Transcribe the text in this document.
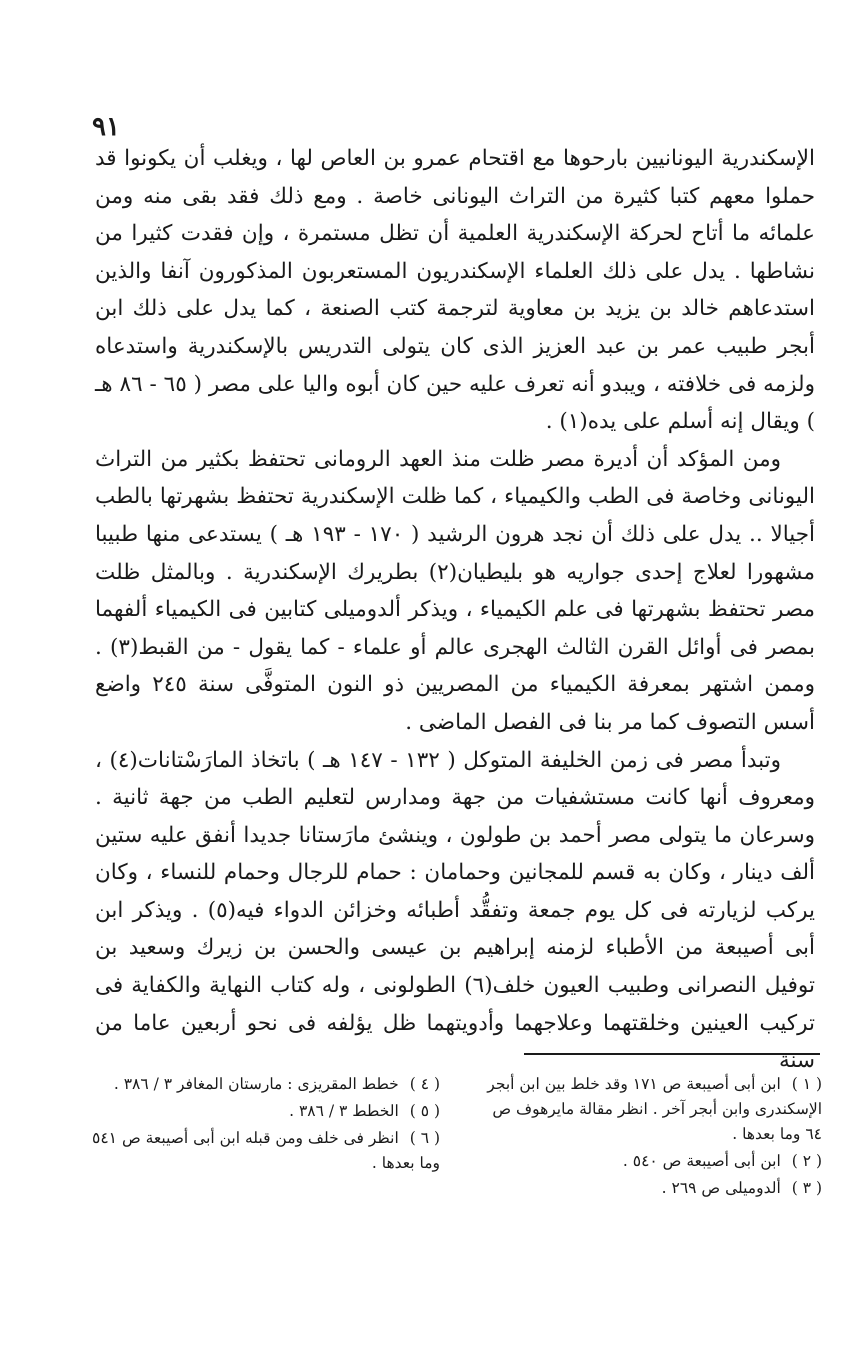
٩١

الإسكندرية اليونانيين بارحوها مع اقتحام عمرو بن العاص لها ، ويغلب أن يكونوا قد حملوا معهم كتبا كثيرة من التراث اليونانى خاصة . ومع ذلك فقد بقى منه ومن علمائه ما أتاح لحركة الإسكندرية العلمية أن تظل مستمرة ، وإن فقدت كثيرا من نشاطها . يدل على ذلك العلماء الإسكندريون المستعربون المذكورون آنفا والذين استدعاهم خالد بن يزيد بن معاوية لترجمة كتب الصنعة ، كما يدل على ذلك ابن أبجر طبيب عمر بن عبد العزيز الذى كان يتولى التدريس بالإسكندرية واستدعاه ولزمه فى خلافته ، ويبدو أنه تعرف عليه حين كان أبوه واليا على مصر ( ٦٥ - ٨٦ هـ ) ويقال إنه أسلم على يده(١) .

ومن المؤكد أن أديرة مصر ظلت منذ العهد الرومانى تحتفظ بكثير من التراث اليونانى وخاصة فى الطب والكيمياء ، كما ظلت الإسكندرية تحتفظ بشهرتها بالطب أجيالا .. يدل على ذلك أن نجد هرون الرشيد ( ١٧٠ - ١٩٣ هـ ) يستدعى منها طبيبا مشهورا لعلاج إحدى جواريه هو بليطيان(٢) بطريرك الإسكندرية . وبالمثل ظلت مصر تحتفظ بشهرتها فى علم الكيمياء ، ويذكر ألدوميلى كتابين فى الكيمياء ألفهما بمصر فى أوائل القرن الثالث الهجرى عالم أو علماء - كما يقول - من القبط(٣) . وممن اشتهر بمعرفة الكيمياء من المصريين ذو النون المتوفَّى سنة ٢٤٥ واضع أسس التصوف كما مر بنا فى الفصل الماضى .

وتبدأ مصر فى زمن الخليفة المتوكل ( ١٣٢ - ١٤٧ هـ ) باتخاذ المارَسْتانات(٤) ، ومعروف أنها كانت مستشفيات من جهة ومدارس لتعليم الطب من جهة ثانية . وسرعان ما يتولى مصر أحمد بن طولون ، وينشئ مارَستانا جديدا أنفق عليه ستين ألف دينار ، وكان به قسم للمجانين وحمامان : حمام للرجال وحمام للنساء ، وكان يركب لزيارته فى كل يوم جمعة وتفقُّد أطبائه وخزائن الدواء فيه(٥) . ويذكر ابن أبى أصيبعة من الأطباء لزمنه إبراهيم بن عيسى والحسن بن زيرك وسعيد بن توفيل النصرانى وطبيب العيون خلف(٦) الطولونى ، وله كتاب النهاية والكفاية فى تركيب العينين وخلقتهما وعلاجهما وأدويتهما ظل يؤلفه فى نحو أربعين عاما من سنة

( ١ ) ابن أبى أصيبعة ص ١٧١ وقد خلط بين ابن أبجر الإسكندرى وابن أبجر آخر . انظر مقالة مايرهوف ص ٦٤ وما بعدها .

( ٢ ) ابن أبى أصيبعة ص ٥٤٠ .

( ٣ ) ألدوميلى ص ٢٦٩ .

( ٤ ) خطط المقريزى : مارستان المغافر ٣ / ٣٨٦ .

( ٥ ) الخطط ٣ / ٣٨٦ .

( ٦ ) انظر فى خلف ومن قبله ابن أبى أصيبعة ص ٥٤١ وما بعدها .
